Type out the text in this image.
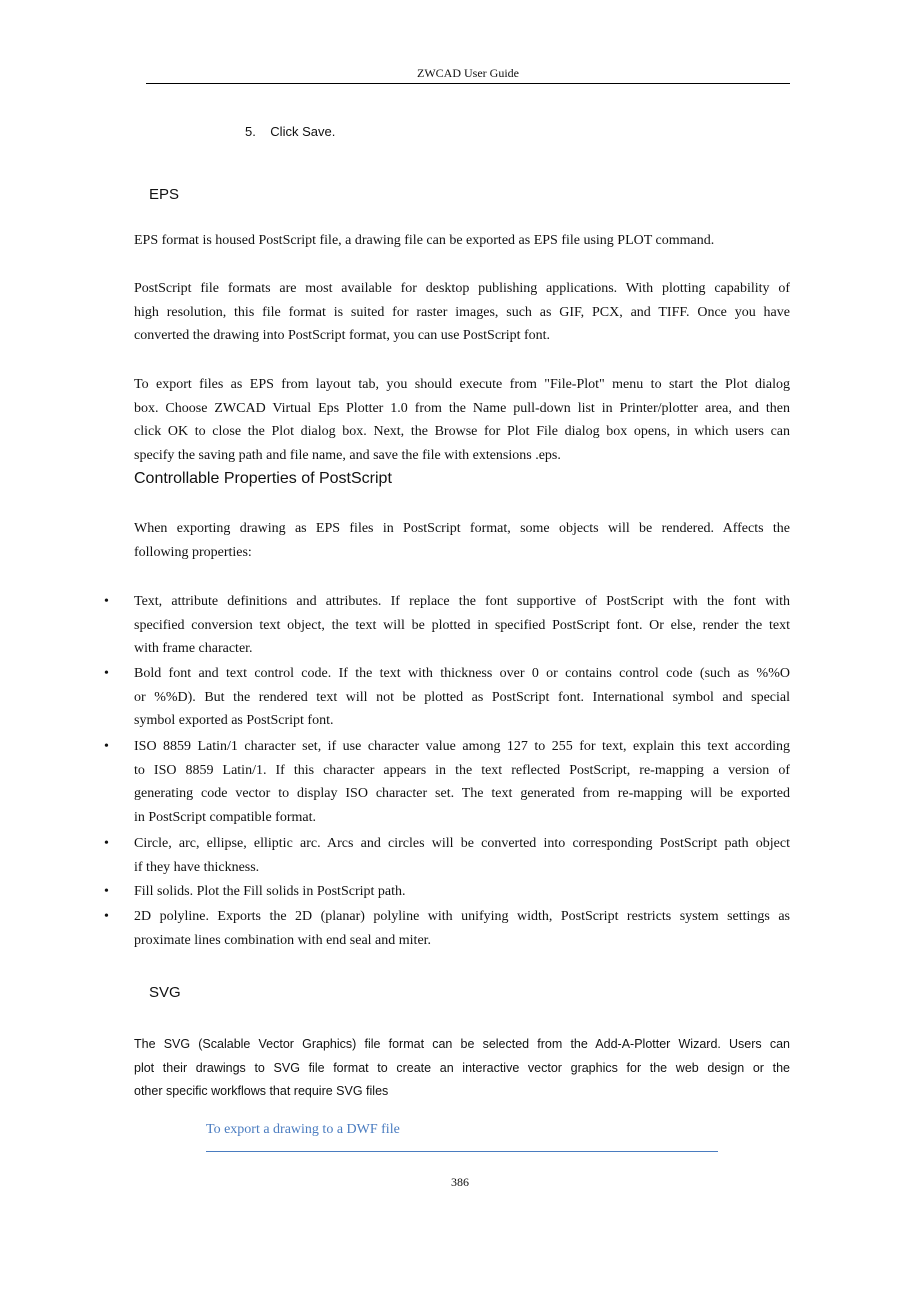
ZWCAD User Guide
5. Click Save.
EPS
EPS format is housed PostScript file, a drawing file can be exported as EPS file using PLOT command.
PostScript file formats are most available for desktop publishing applications. With plotting capability of
high resolution, this file format is suited for raster images, such as GIF, PCX, and TIFF. Once you have
converted the drawing into PostScript format, you can use PostScript font.
To export files as EPS from layout tab, you should execute from "File-Plot" menu to start the Plot dialog
box. Choose ZWCAD Virtual Eps Plotter 1.0 from the Name pull-down list in Printer/plotter area, and then
click OK to close the Plot dialog box. Next, the Browse for Plot File dialog box opens, in which users can
specify the saving path and file name, and save the file with extensions .eps.
Controllable Properties of PostScript
When exporting drawing as EPS files in PostScript format, some objects will be rendered. Affects the
following properties:
• Text, attribute definitions and attributes. If replace the font supportive of PostScript with the font with
specified conversion text object, the text will be plotted in specified PostScript font. Or else, render the text
with frame character.
• Bold font and text control code. If the text with thickness over 0 or contains control code (such as %%O
or %%D). But the rendered text will not be plotted as PostScript font. International symbol and special
symbol exported as PostScript font.
• ISO 8859 Latin/1 character set, if use character value among 127 to 255 for text, explain this text according
to ISO 8859 Latin/1. If this character appears in the text reflected PostScript, re-mapping a version of
generating code vector to display ISO character set. The text generated from re-mapping will be exported
in PostScript compatible format.
• Circle, arc, ellipse, elliptic arc. Arcs and circles will be converted into corresponding PostScript path object
if they have thickness.
• Fill solids. Plot the Fill solids in PostScript path.
• 2D polyline. Exports the 2D (planar) polyline with unifying width, PostScript restricts system settings as
proximate lines combination with end seal and miter.
SVG
The SVG (Scalable Vector Graphics) file format can be selected from the Add-A-Plotter Wizard. Users can
plot their drawings to SVG file format to create an interactive vector graphics for the web design or the
other specific workflows that require SVG files
To export a drawing to a DWF file
386
